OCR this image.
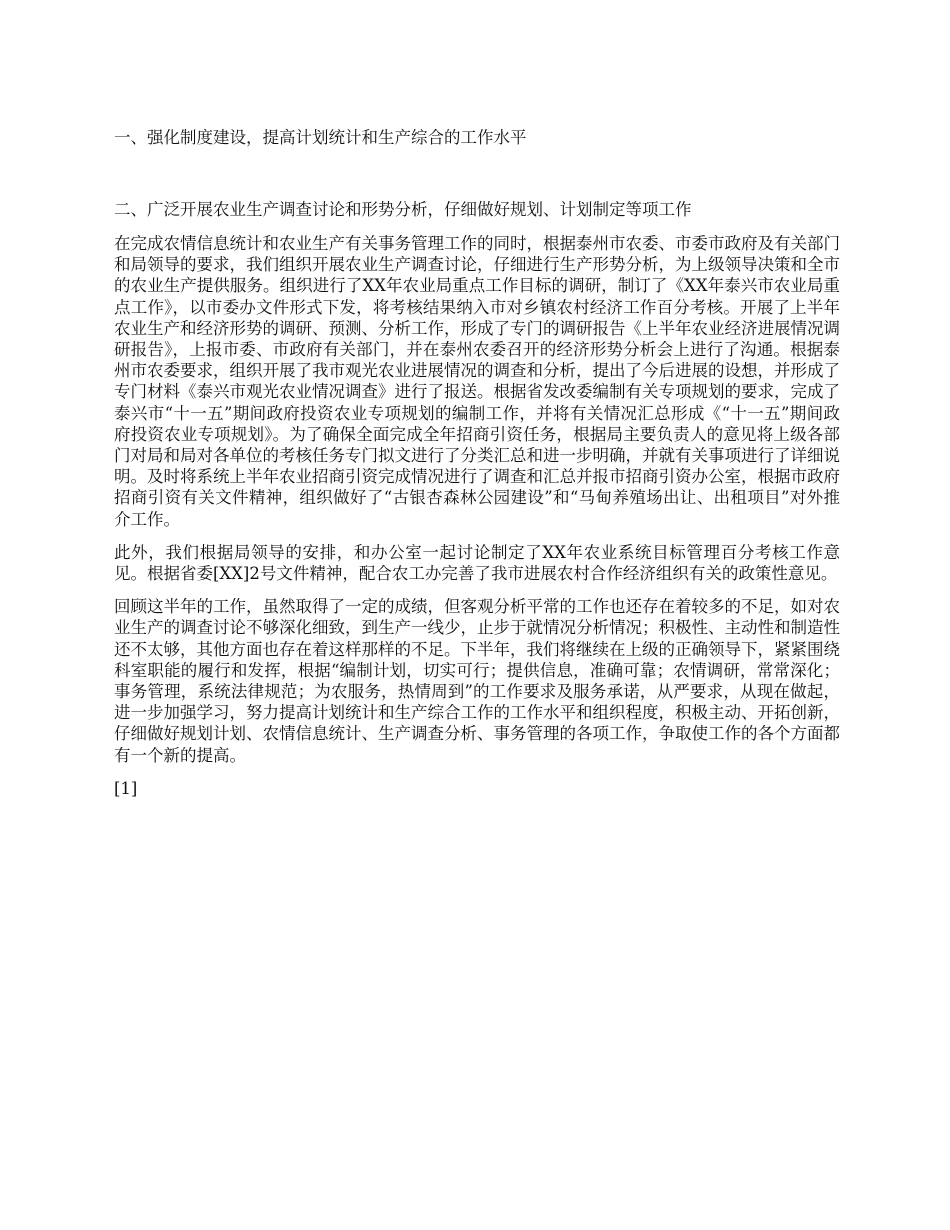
一、强化制度建设，提高计划统计和生产综合的工作水平

二、广泛开展农业生产调查讨论和形势分析，仔细做好规划、计划制定等项工作

在完成农情信息统计和农业生产有关事务管理工作的同时，根据泰州市农委、市委市政府及有关部门和局领导的要求，我们组织开展农业生产调查讨论，仔细进行生产形势分析，为上级领导决策和全市的农业生产提供服务。组织进行了XX年农业局重点工作目标的调研，制订了《XX年泰兴市农业局重点工作》，以市委办文件形式下发，将考核结果纳入市对乡镇农村经济工作百分考核。开展了上半年农业生产和经济形势的调研、预测、分析工作，形成了专门的调研报告《上半年农业经济进展情况调研报告》，上报市委、市政府有关部门，并在泰州农委召开的经济形势分析会上进行了沟通。根据泰州市农委要求，组织开展了我市观光农业进展情况的调查和分析，提出了今后进展的设想，并形成了专门材料《泰兴市观光农业情况调查》进行了报送。根据省发改委编制有关专项规划的要求，完成了泰兴市“十一五”期间政府投资农业专项规划的编制工作，并将有关情况汇总形成《“十一五”期间政府投资农业专项规划》。为了确保全面完成全年招商引资任务，根据局主要负责人的意见将上级各部门对局和局对各单位的考核任务专门拟文进行了分类汇总和进一步明确，并就有关事项进行了详细说明。及时将系统上半年农业招商引资完成情况进行了调查和汇总并报市招商引资办公室，根据市政府招商引资有关文件精神，组织做好了“古银杏森林公园建设”和“马甸养殖场出让、出租项目”对外推介工作。

此外，我们根据局领导的安排，和办公室一起讨论制定了XX年农业系统目标管理百分考核工作意见。根据省委[XX]2号文件精神，配合农工办完善了我市进展农村合作经济组织有关的政策性意见。

回顾这半年的工作，虽然取得了一定的成绩，但客观分析平常的工作也还存在着较多的不足，如对农业生产的调查讨论不够深化细致，到生产一线少，止步于就情况分析情况；积极性、主动性和制造性还不太够，其他方面也存在着这样那样的不足。下半年，我们将继续在上级的正确领导下，紧紧围绕科室职能的履行和发挥，根据“编制计划，切实可行；提供信息，准确可靠；农情调研，常常深化；事务管理，系统法律规范；为农服务，热情周到”的工作要求及服务承诺，从严要求，从现在做起，进一步加强学习，努力提高计划统计和生产综合工作的工作水平和组织程度，积极主动、开拓创新，仔细做好规划计划、农情信息统计、生产调查分析、事务管理的各项工作，争取使工作的各个方面都有一个新的提高。

[1]
